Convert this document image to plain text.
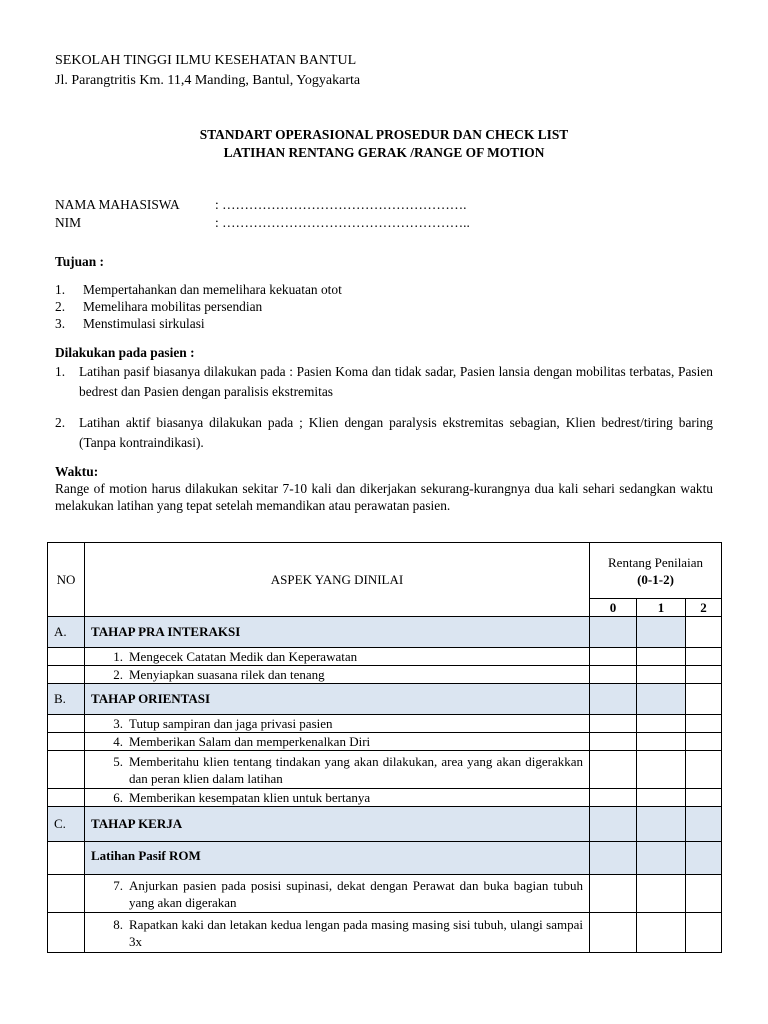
SEKOLAH TINGGI ILMU KESEHATAN BANTUL
Jl. Parangtritis Km. 11,4 Manding, Bantul, Yogyakarta
STANDART OPERASIONAL PROSEDUR DAN CHECK LIST
LATIHAN RENTANG GERAK /RANGE OF MOTION
NAMA MAHASISWA	: ……………………………………………….
NIM	: ………………………………………………..
Tujuan :
1.	Mempertahankan dan memelihara kekuatan otot
2.	Memelihara mobilitas persendian
3.	Menstimulasi sirkulasi
Dilakukan pada pasien :
1.	Latihan pasif biasanya dilakukan pada : Pasien Koma dan tidak sadar, Pasien lansia dengan mobilitas terbatas, Pasien bedrest dan Pasien dengan paralisis ekstremitas
2.	Latihan aktif biasanya dilakukan pada ; Klien dengan paralysis ekstremitas sebagian, Klien bedrest/tiring baring (Tanpa kontraindikasi).
Waktu:
Range of motion harus dilakukan sekitar 7-10 kali dan dikerjakan sekurang-kurangnya dua kali sehari sedangkan waktu melakukan latihan yang tepat setelah memandikan atau perawatan pasien.
NO	ASPEK YANG DINILAI	Rentang Penilaian
(0-1-2)		

		0	1	2
A.	TAHAP PRA INTERAKSI			

	1. Mengecek Catatan Medik dan Keperawatan			

	2. Menyiapkan suasana rilek dan tenang			

B.	TAHAP ORIENTASI			

	3. Tutup sampiran dan jaga privasi pasien			

	4. Memberikan Salam dan memperkenalkan Diri			

	5. Memberitahu klien tentang tindakan yang akan dilakukan, area yang akan digerakkan dan peran klien dalam latihan			

	6. Memberikan kesempatan klien untuk bertanya			

C.	TAHAP KERJA			
	Latihan Pasif ROM			

	7. Anjurkan pasien pada posisi supinasi, dekat dengan Perawat dan buka bagian tubuh yang akan digerakan			

	8. Rapatkan kaki dan letakan kedua lengan pada masing masing sisi tubuh, ulangi sampai 3x			
